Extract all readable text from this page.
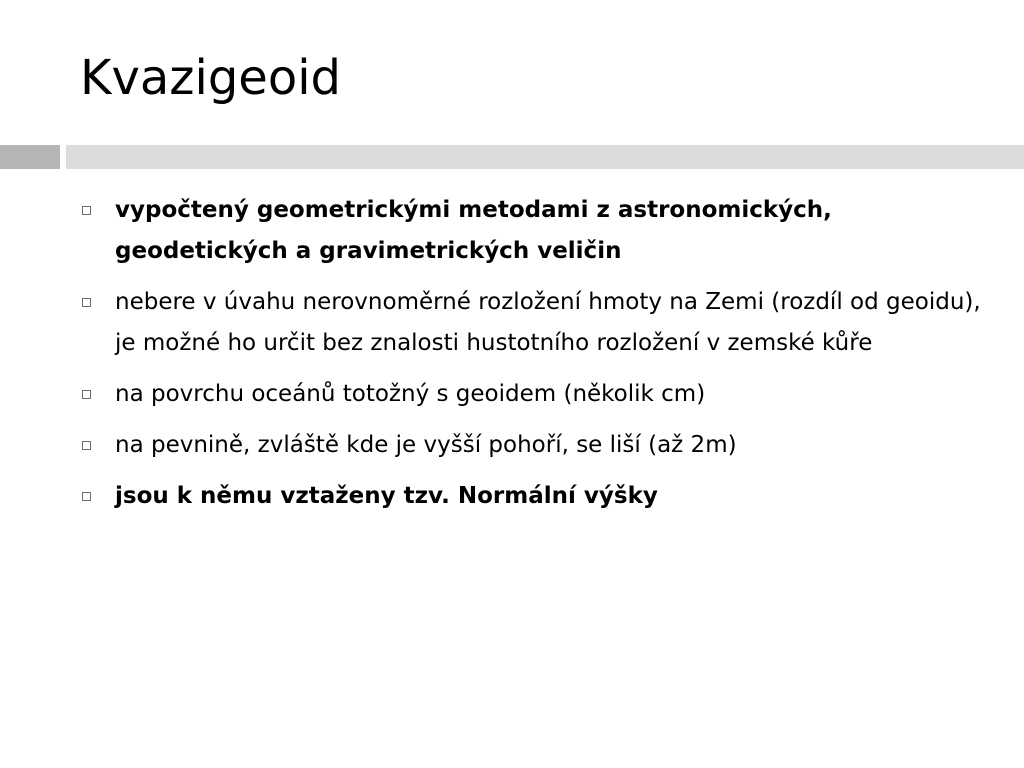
Kvazigeoid
vypočtený geometrickými metodami z astronomických, geodetických a gravimetrických veličin
nebere v úvahu nerovnoměrné rozložení hmoty na Zemi (rozdíl od geoidu), je možné ho určit bez znalosti hustotního rozložení v zemské kůře
na povrchu oceánů totožný s geoidem (několik cm)
na pevnině, zvláště kde je vyšší pohoří, se liší (až 2m)
jsou k němu vztaženy tzv. Normální výšky
